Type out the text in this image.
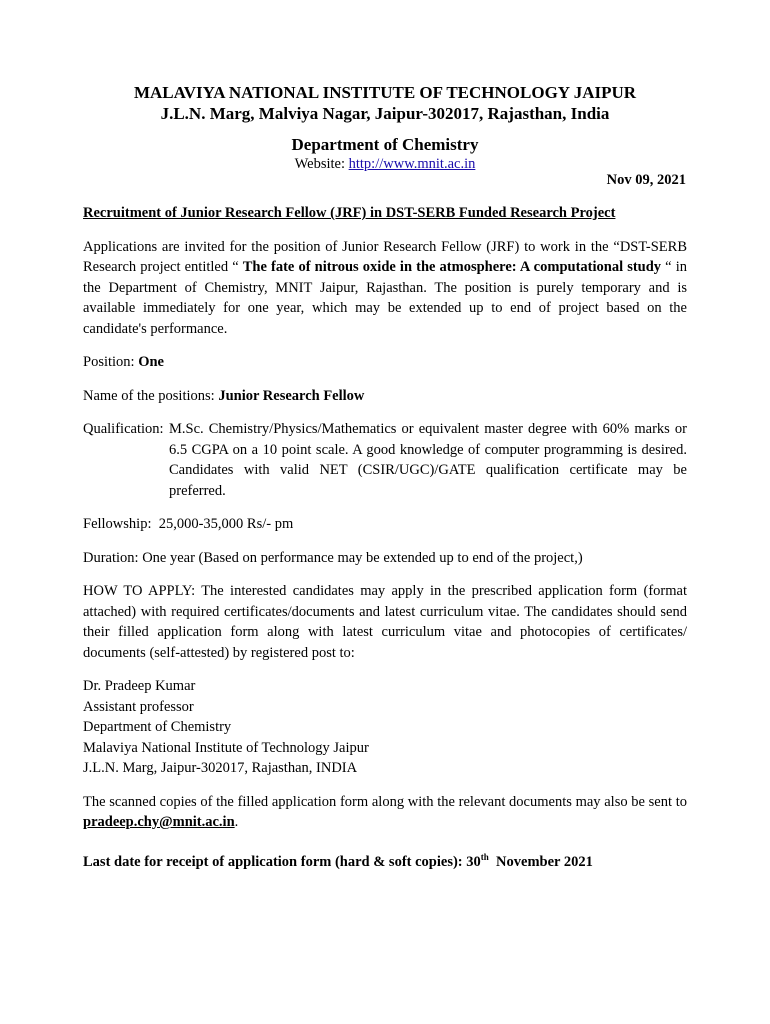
MALAVIYA NATIONAL INSTITUTE OF TECHNOLOGY JAIPUR
J.L.N. Marg, Malviya Nagar, Jaipur-302017, Rajasthan, India
Department of Chemistry
Website: http://www.mnit.ac.in
Nov 09, 2021

Recruitment of Junior Research Fellow (JRF) in DST-SERB Funded Research Project

Applications are invited for the position of Junior Research Fellow (JRF) to work in the “DST-SERB Research project entitled “ The fate of nitrous oxide in the atmosphere: A computational study “ in the Department of Chemistry, MNIT Jaipur, Rajasthan. The position is purely temporary and is available immediately for one year, which may be extended up to end of project based on the candidate's performance.

Position: One

Name of the positions: Junior Research Fellow

Qualification: M.Sc. Chemistry/Physics/Mathematics or equivalent master degree with 60% marks or 6.5 CGPA on a 10 point scale. A good knowledge of computer programming is desired. Candidates with valid NET (CSIR/UGC)/GATE qualification certificate may be preferred.

Fellowship:  25,000-35,000 Rs/- pm

Duration: One year (Based on performance may be extended up to end of the project,)

HOW TO APPLY: The interested candidates may apply in the prescribed application form (format attached) with required certificates/documents and latest curriculum vitae. The candidates should send their filled application form along with latest curriculum vitae and photocopies of certificates/ documents (self-attested) by registered post to:

Dr. Pradeep Kumar
Assistant professor
Department of Chemistry
Malaviya National Institute of Technology Jaipur
J.L.N. Marg, Jaipur-302017, Rajasthan, INDIA

The scanned copies of the filled application form along with the relevant documents may also be sent to pradeep.chy@mnit.ac.in.

Last date for receipt of application form (hard & soft copies): 30th  November 2021
